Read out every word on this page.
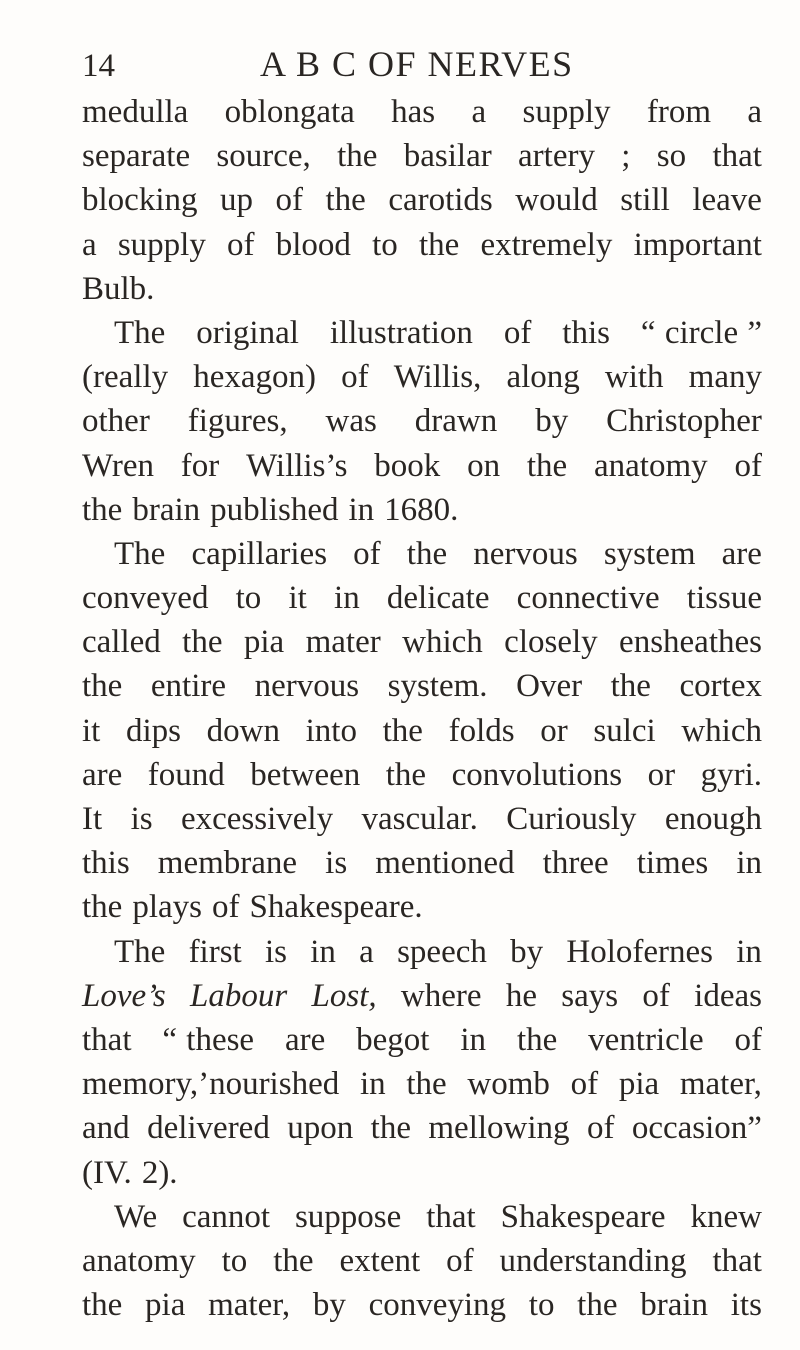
14	A B C OF NERVES
medulla oblongata has a supply from a
separate source, the basilar artery ; so that
blocking up of the carotids would still leave
a supply of blood to the extremely important
Bulb.
The original illustration of this “ circle ”
(really hexagon) of Willis, along with many
other figures, was drawn by Christopher
Wren for Willis’s book on the anatomy of
the brain published in 1680.
The capillaries of the nervous system are
conveyed to it in delicate connective tissue
called the pia mater which closely ensheathes
the entire nervous system. Over the cortex
it dips down into the folds or sulci which
are found between the convolutions or gyri.
It is excessively vascular. Curiously enough
this membrane is mentioned three times in
the plays of Shakespeare.
The first is in a speech by Holofernes in
Love’s Labour Lost, where he says of ideas
that “ these are begot in the ventricle of
memory,’nourished in the womb of pia mater,
and delivered upon the mellowing of occasion”
(IV. 2).
We cannot suppose that Shakespeare knew
anatomy to the extent of understanding that
the pia mater, by conveying to the brain its
